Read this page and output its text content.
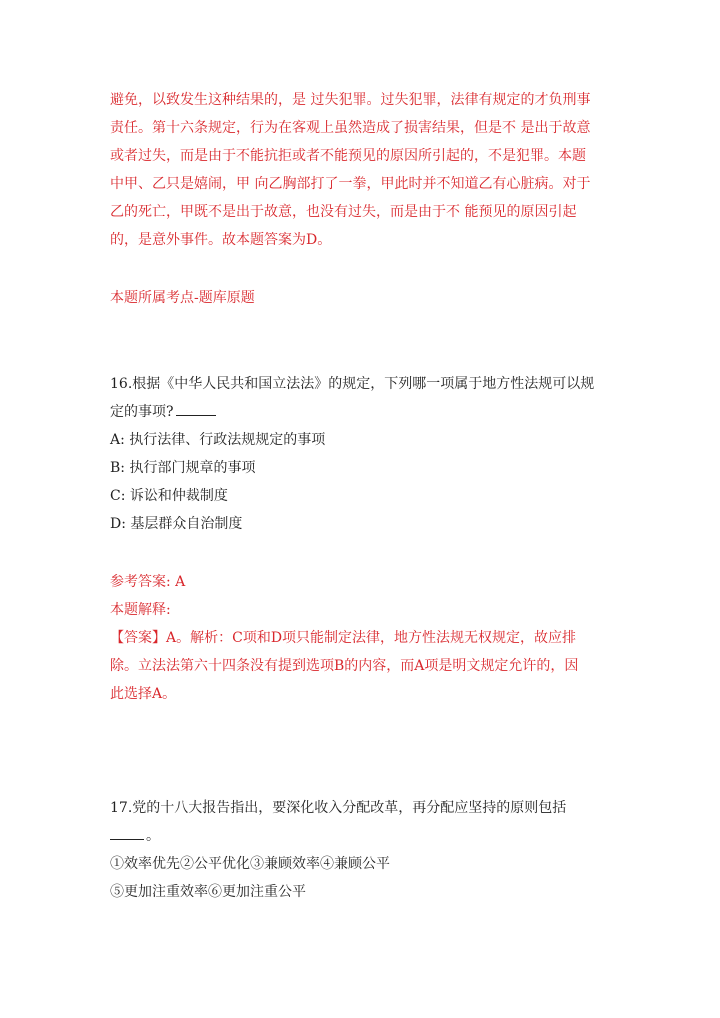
避免，以致发生这种结果的，是 过失犯罪。过失犯罪，法律有规定的才负刑事
责任。第十六条规定，行为在客观上虽然造成了损害结果，但是不 是出于故意
或者过失，而是由于不能抗拒或者不能预见的原因所引起的，不是犯罪。本题
中甲、乙只是嬉闹，甲 向乙胸部打了一拳，甲此时并不知道乙有心脏病。对于
乙的死亡，甲既不是出于故意，也没有过失，而是由于不 能预见的原因引起
的，是意外事件。故本题答案为D。
本题所属考点-题库原题
16.根据《中华人民共和国立法法》的规定，下列哪一项属于地方性法规可以规
定的事项?
A: 执行法律、行政法规规定的事项
B: 执行部门规章的事项
C: 诉讼和仲裁制度
D: 基层群众自治制度
参考答案: A
本题解释:
【答案】A。解析：C项和D项只能制定法律，地方性法规无权规定，故应排
除。立法法第六十四条没有提到选项B的内容，而A项是明文规定允许的，因
此选择A。
17.党的十八大报告指出，要深化收入分配改革，再分配应坚持的原则包括
。
①效率优先②公平优化③兼顾效率④兼顾公平
⑤更加注重效率⑥更加注重公平
